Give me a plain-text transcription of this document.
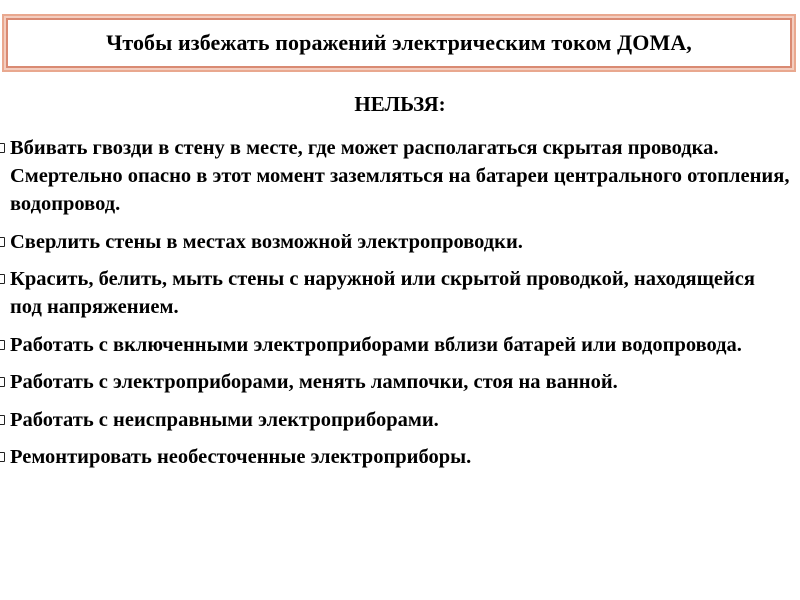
Чтобы избежать поражений электрическим током ДОМА,
НЕЛЬЗЯ:
Вбивать гвозди в стену в месте, где может располагаться скрытая проводка. Смертельно опасно в этот момент заземляться на батареи центрального отопления, водопровод.
Сверлить стены в местах возможной электропроводки.
Красить, белить, мыть стены с наружной или скрытой проводкой, находящейся под напряжением.
Работать с включенными электроприборами вблизи батарей или водопровода.
Работать с электроприборами, менять лампочки, стоя на ванной.
Работать с неисправными электроприборами.
Ремонтировать необесточенные электроприборы.
